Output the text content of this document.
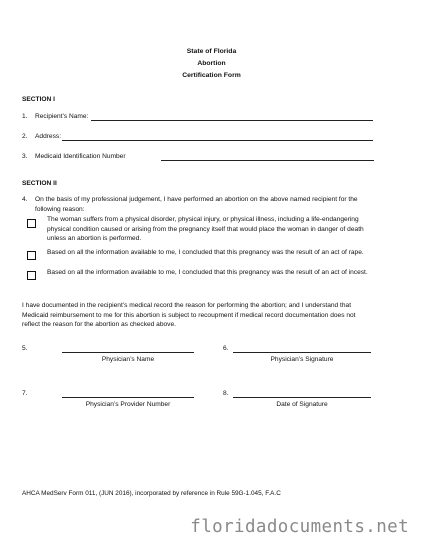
State of Florida
Abortion
Certification Form
SECTION I
1. Recipient’s Name:
2. Address:
3. Medicaid Identification Number
SECTION II
4. On the basis of my professional judgement, I have performed an abortion on the above named recipient for the following reason:
The woman suffers from a physical disorder, physical injury, or physical illness, including a life-endangering physical condition caused or arising from the pregnancy itself that would place the woman in danger of death unless an abortion is performed.
Based on all the information available to me, I concluded that this pregnancy was the result of an act of rape.
Based on all the information available to me, I concluded that this pregnancy was the result of an act of incest.
I have documented in the recipient’s medical record the reason for performing the abortion; and I understand that Medicaid reimbursement to me for this abortion is subject to recoupment if medical record documentation does not reflect the reason for the abortion as checked above.
5.
Physician’s Name
6.
Physician’s Signature
7.
Physician’s Provider Number
8.
Date of Signature
AHCA MedServ Form 011, (JUN 2016), incorporated by reference in Rule 59G-1.045, F.A.C
floridadocuments.net
